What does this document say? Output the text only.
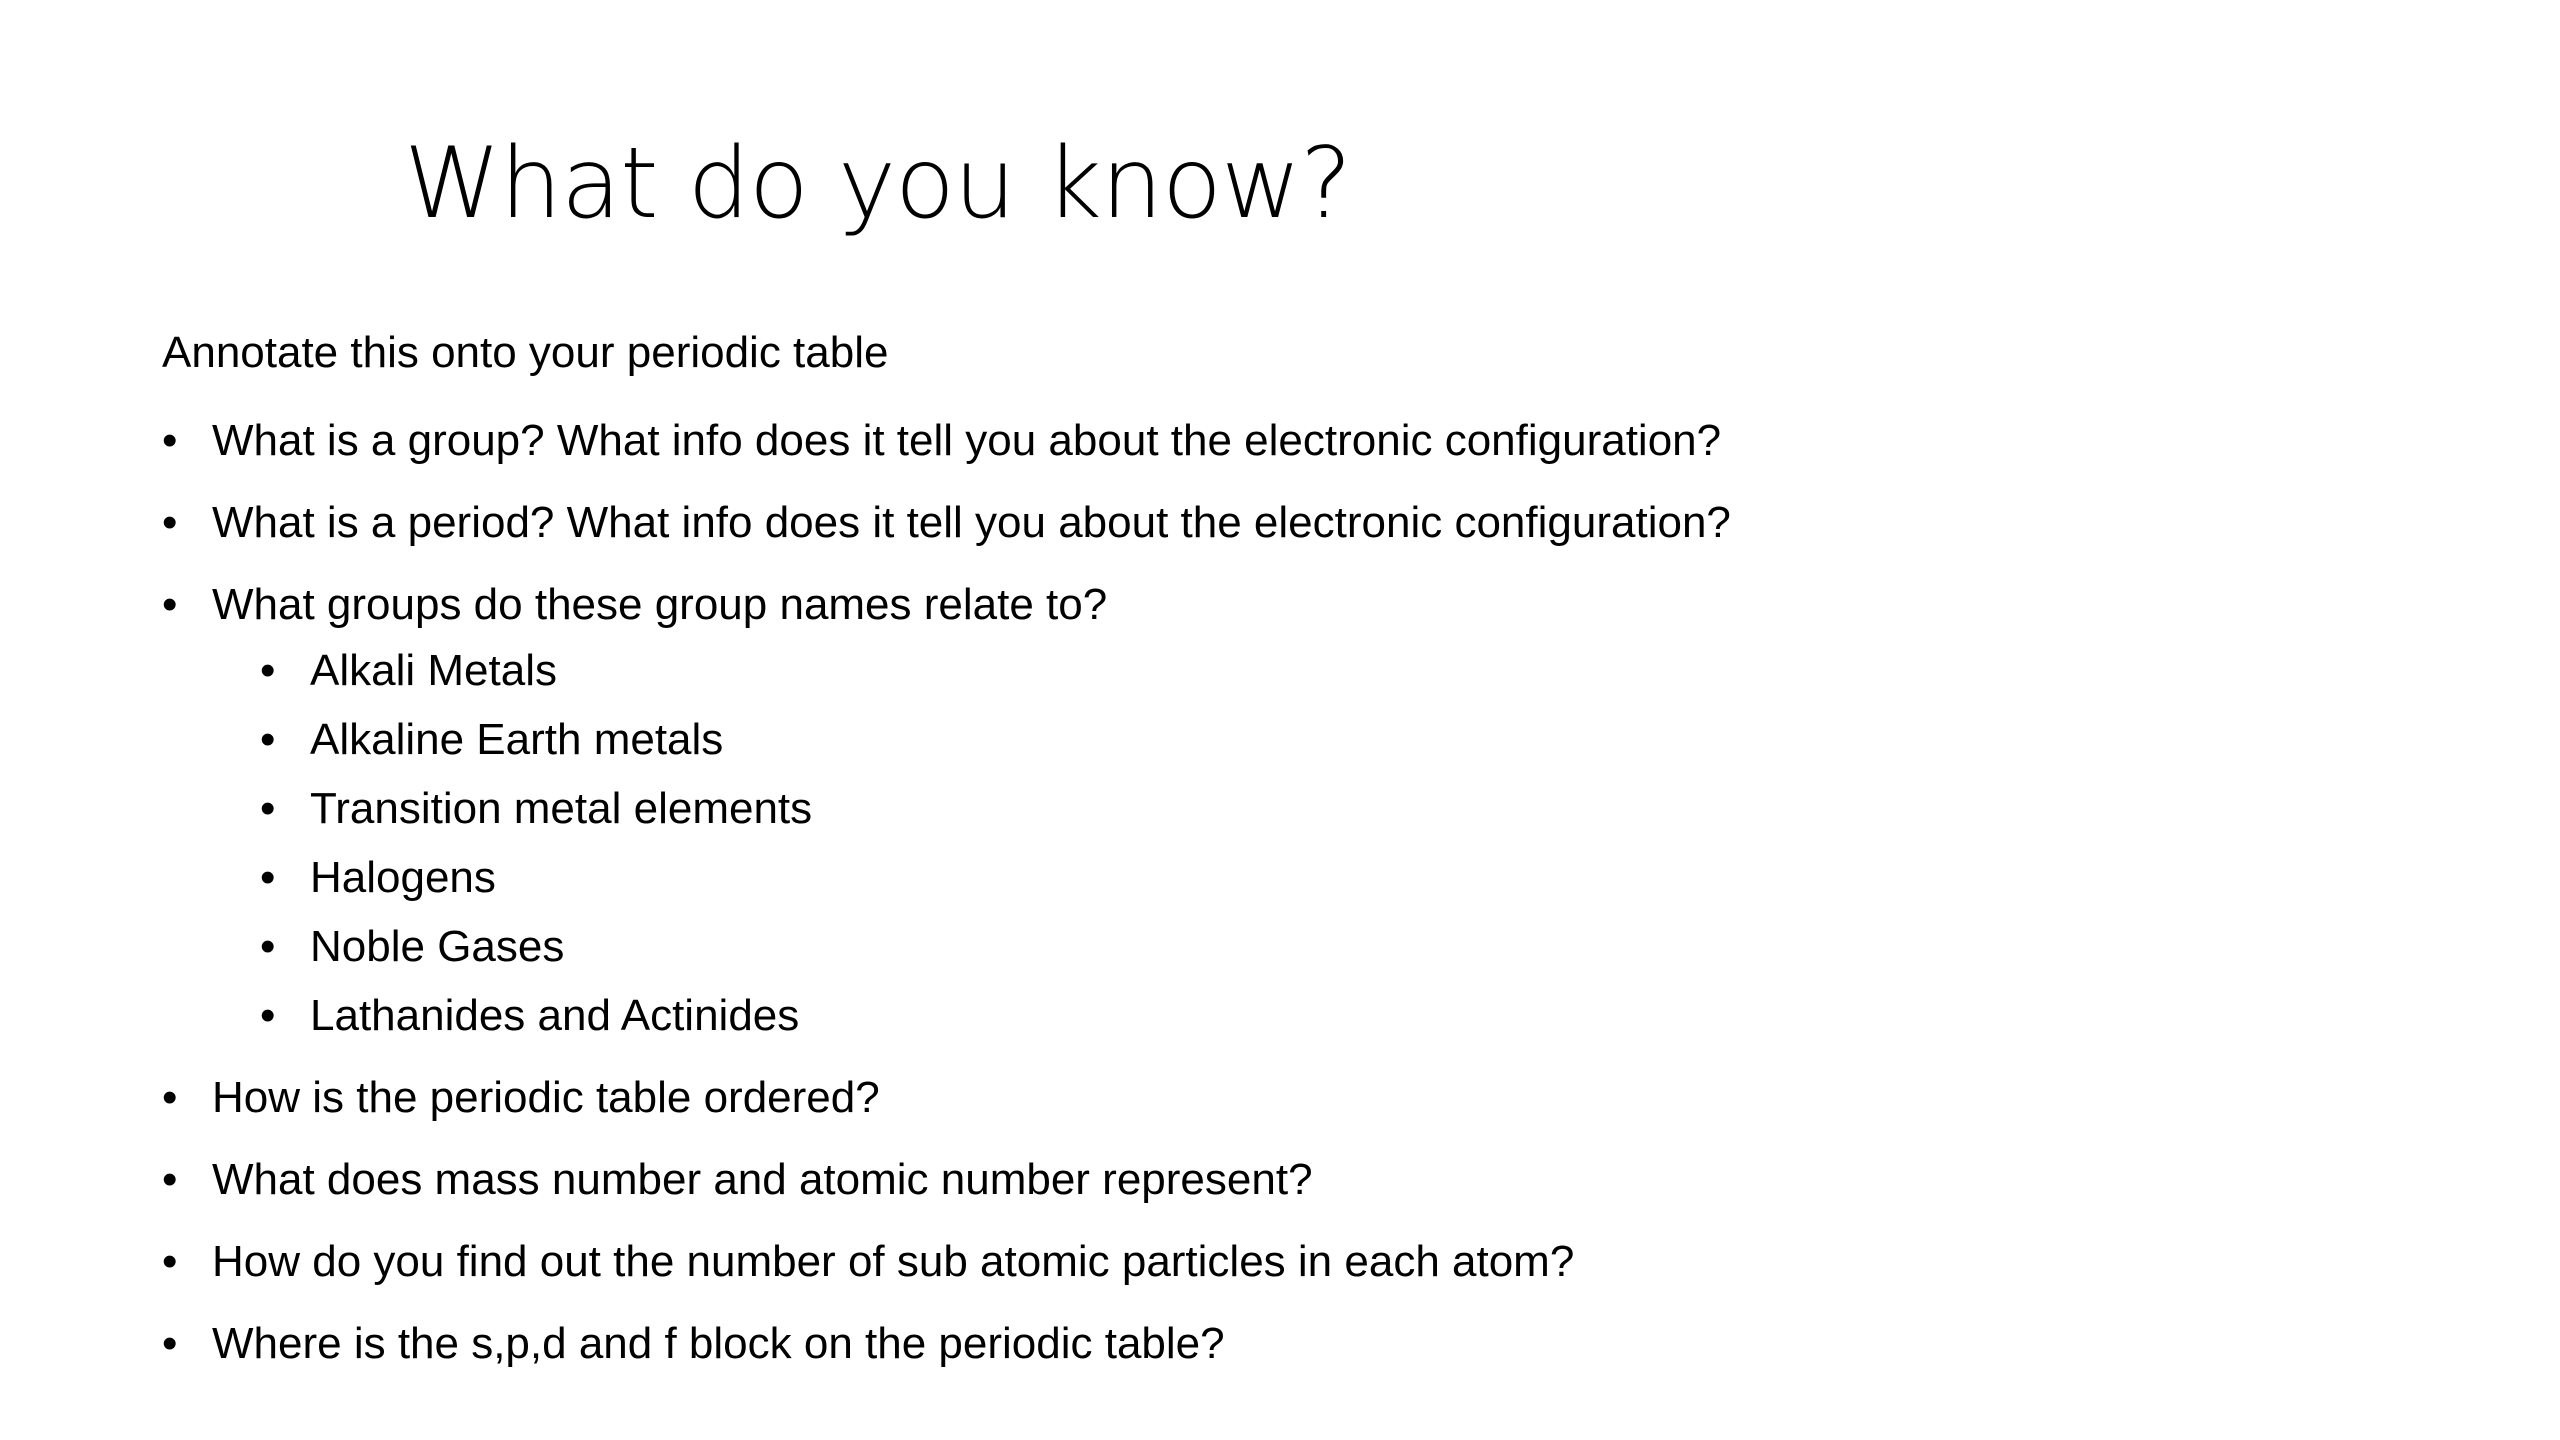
What do you know?

Annotate this onto your periodic table

• What is a group? What info does it tell you about the electronic configuration?
• What is a period? What info does it tell you about the electronic configuration?
• What groups do these group names relate to?
• Alkali Metals
• Alkaline Earth metals
• Transition metal elements
• Halogens
• Noble Gases
• Lathanides and Actinides
• How is the periodic table ordered?
• What does mass number and atomic number represent?
• How do you find out the number of sub atomic particles in each atom?
• Where is the s,p,d and f block on the periodic table?
